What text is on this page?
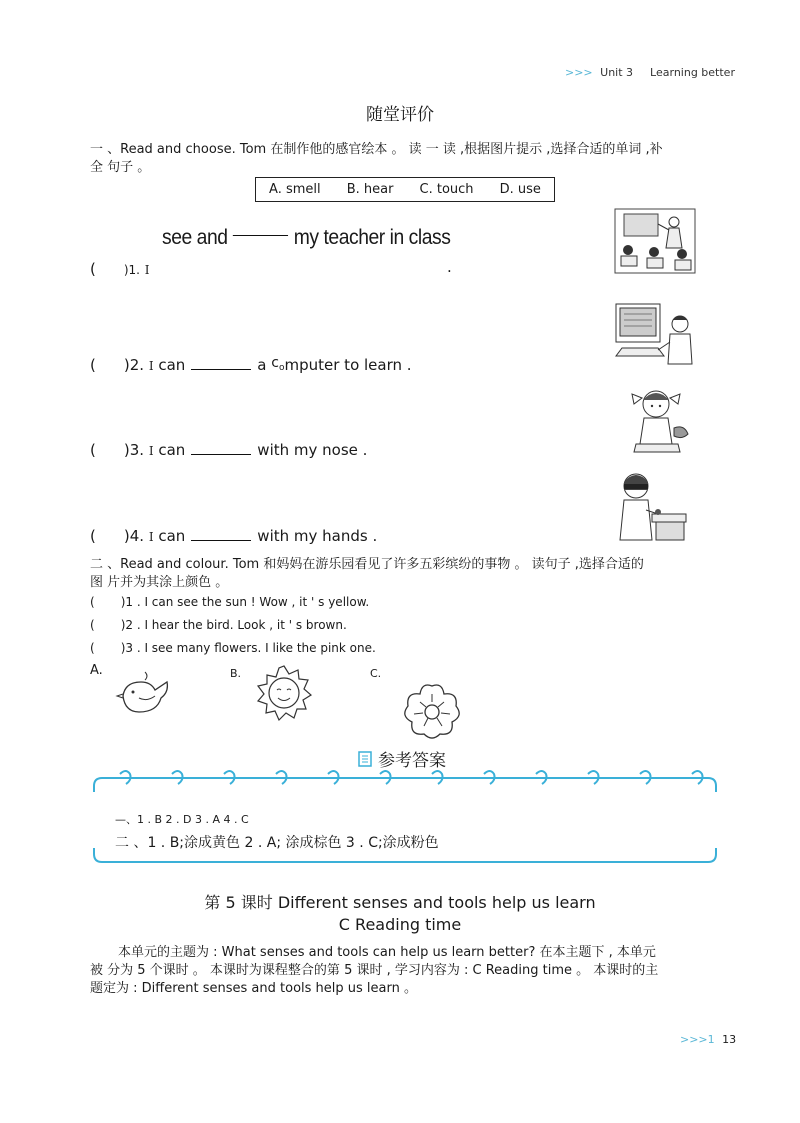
>>> Unit 3 Learning better
随堂评价
一 、Read and choose. Tom 在制作他的感官绘本 。 读 一 读 ,根据图片提示 ,选择合适的单词 ,补
全 句子 。
A. smell B. hear C. touch D. use
see and	my teacher in class
( )1. I	.
( )2. I can	a computer to learn .
( )3. I can	with my nose .
( )4. I can	with my hands .
二 、Read and colour. Tom 和妈妈在游乐园看见了许多五彩缤纷的事物 。 读句子 ,选择合适的
图 片并为其涂上颜色 。
( )1 . I can see the sun ! Wow , it ' s yellow.
( )2 . I hear the bird. Look , it ' s brown.
( )3 . I see many flowers. I like the pink one.
A.	B.	C.
参考答案
—、1 . B 2 . D 3 . A 4 . C
二 、1 . B;涂成黄色 2 . A; 涂成棕色 3 . C;涂成粉色
第 5 课时 Different senses and tools help us learn
C Reading time
本单元的主题为 : What senses and tools can help us learn better? 在本主题下 , 本单元
被 分为 5 个课时 。 本课时为课程整合的第 5 课时 , 学习内容为 : C Reading time 。 本课时的主
题定为 : Different senses and tools help us learn 。
>>>1 13
